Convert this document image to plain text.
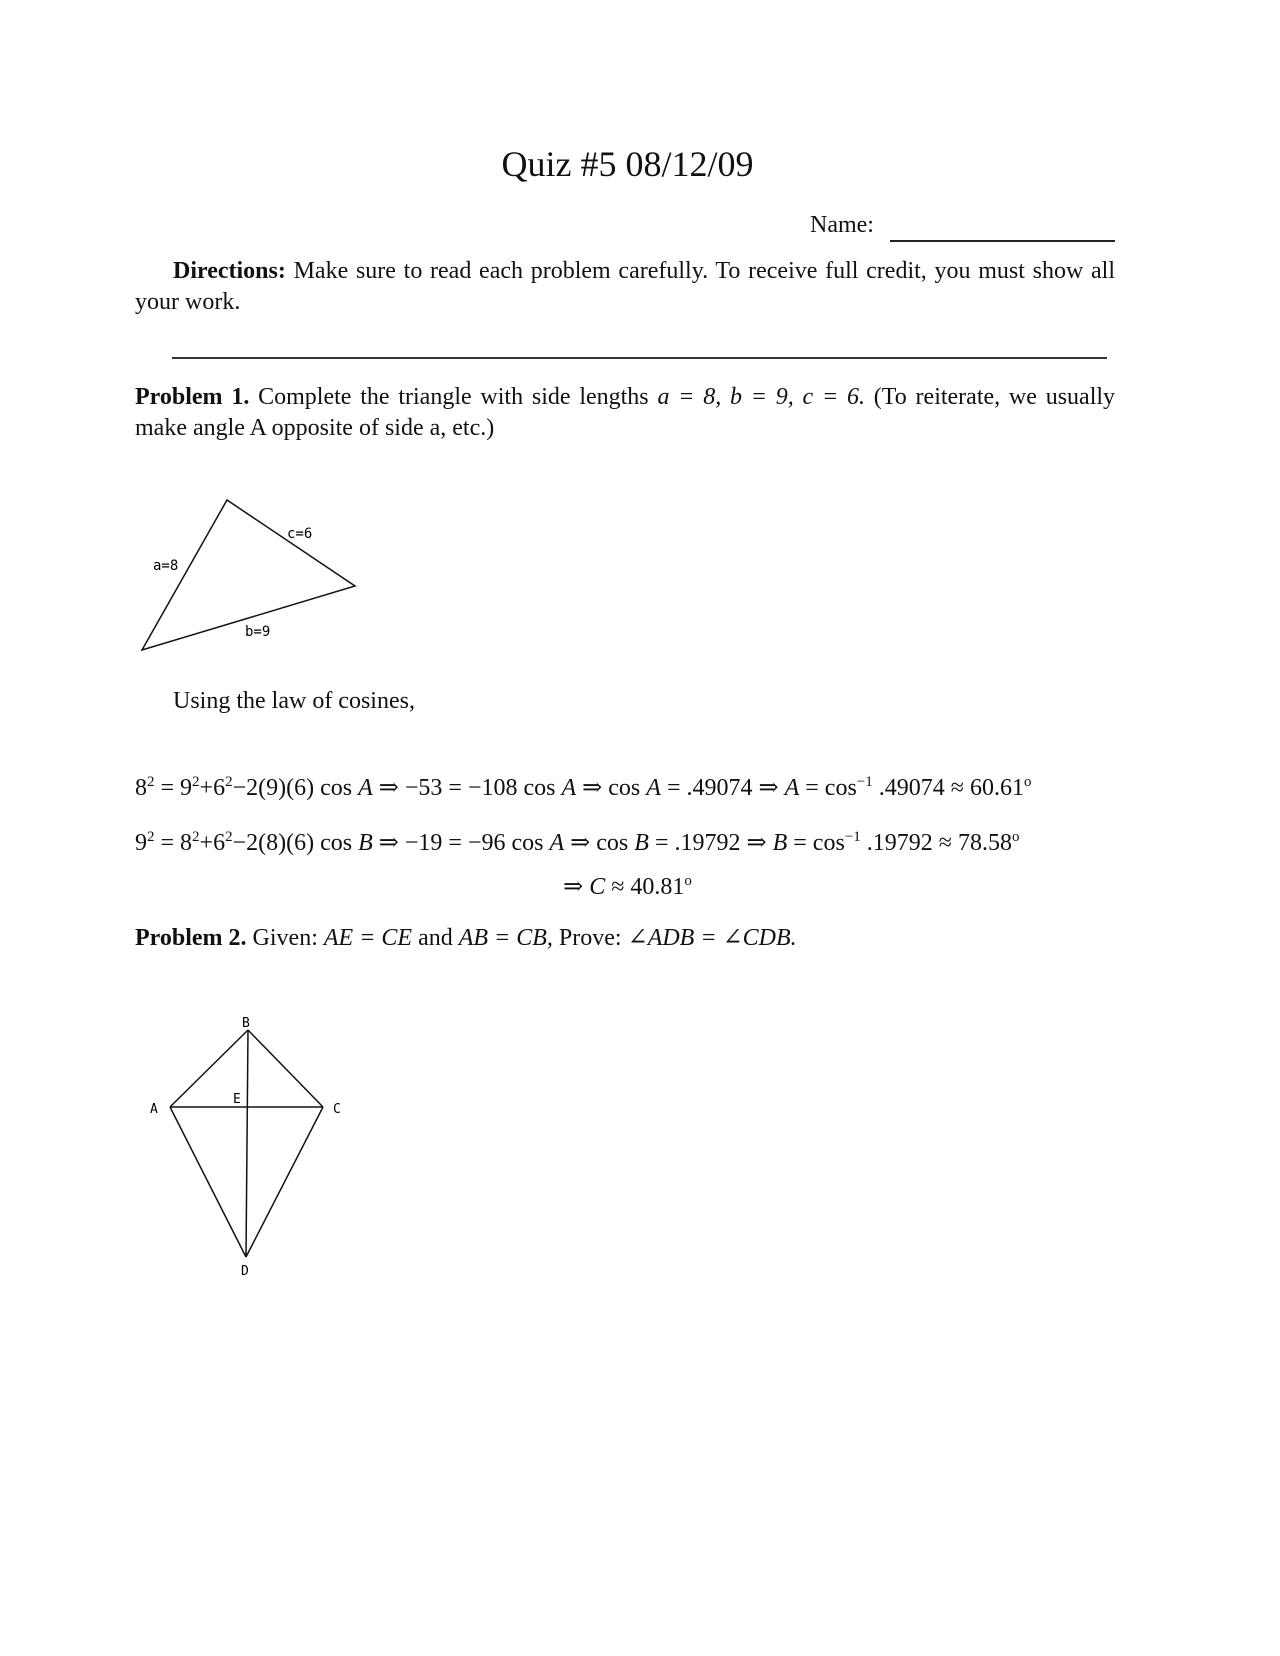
Quiz #5 08/12/09
Name:
Directions: Make sure to read each problem carefully. To receive full credit, you must show all your work.
Problem 1. Complete the triangle with side lengths a = 8, b = 9, c = 6. (To reiterate, we usually make angle A opposite of side a, etc.)
a=8
b=9
c=6
Using the law of cosines,
$8^2 = 9^2+6^2-2(9)(6)$ cos A ⇒ −53 = −108 cos A ⇒ cos A = .49074 ⇒ $A = \cos^{-1} .49074 \approx 60.61^o$
$9^2 = 8^2+6^2-2(8)(6)$ cos B ⇒ −19 = −96 cos A ⇒ cos B = .19792 ⇒ $B = \cos^{-1} .19792 \approx 78.58^o$
⇒ $C \approx 40.81^o$
Problem 2. Given: AE = CE and AB = CB, Prove: ∠ADB = ∠CDB.
B
A	C
E
D
